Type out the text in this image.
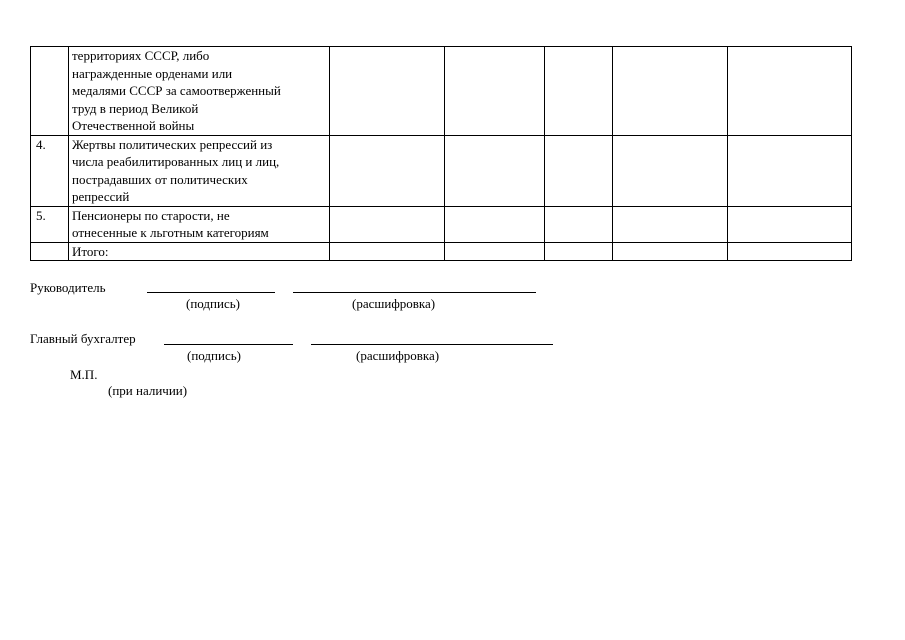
	территориях СССР, либо
награжденные орденами или
медалями СССР за самоотверженный
труд в период Великой
Отечественной войны					
4.	Жертвы политических репрессий из
числа реабилитированных лиц и лиц,
пострадавших от политических
репрессий					
5.	Пенсионеры по старости, не
отнесенные к льготным категориям					
	Итого:					
Руководитель
(подпись)	(расшифровка)
Главный бухгалтер
(подпись)	(расшифровка)
М.П.
(при наличии)
